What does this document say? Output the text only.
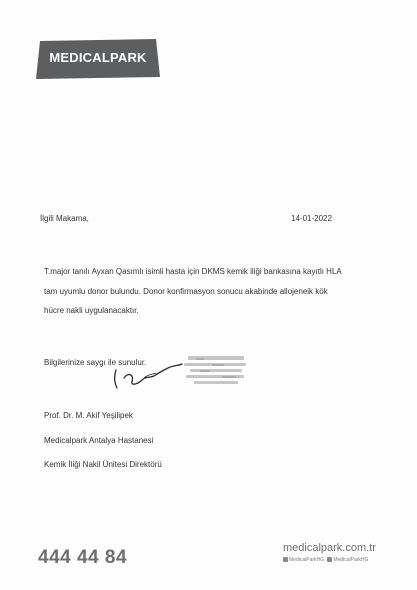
MEDICALPARK
İlgili Makama,	14-01-2022
T.major tanılı Ayxan Qasımlı isimli hasta için DKMS kemik iliği bankasına kayıtlı HLA
tam uyumlu donor bulundu. Donor konfirmasyon sonucu akabinde allojeneik kök
hücre nakli uygulanacaktır.
Bilgilerinize saygı ile sunulur.
Prof. Dr. M. Akif Yeşilipek
Medicalpark Antalya Hastanesi
Kemik İliği Nakil Ünitesi Direktörü
444 44 84	medicalpark.com.tr
MedicalParkHG MedicalParkHG
